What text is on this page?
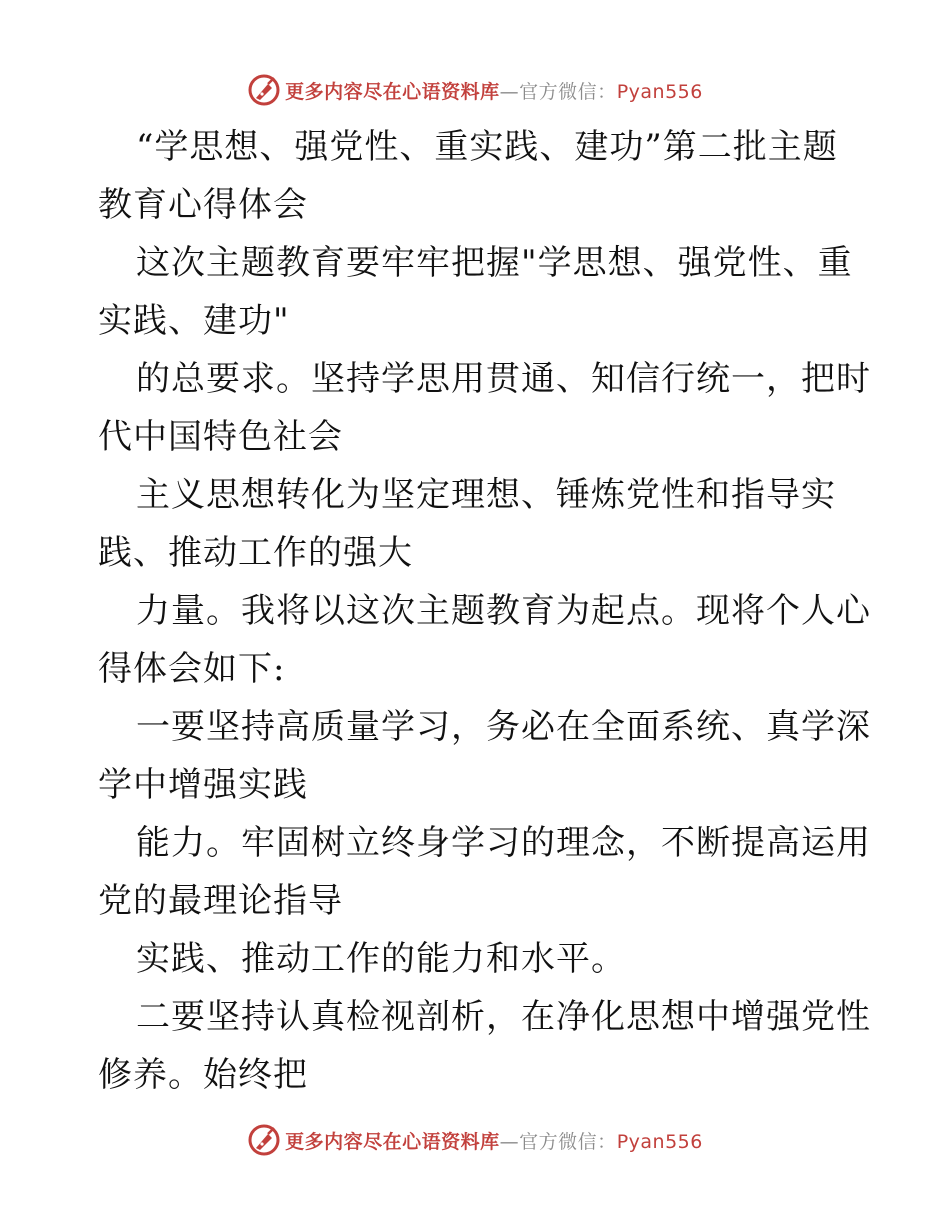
更多内容尽在心语资料库—官方微信：Pyan556
“学思想、强党性、重实践、建功”第二批主题
教育心得体会
这次主题教育要牢牢把握"学思想、强党性、重
实践、建功"
的总要求。坚持学思用贯通、知信行统一，把时
代中国特色社会
主义思想转化为坚定理想、锤炼党性和指导实
践、推动工作的强大
力量。我将以这次主题教育为起点。现将个人心
得体会如下:
一要坚持高质量学习，务必在全面系统、真学深
学中增强实践
能力。牢固树立终身学习的理念，不断提高运用
党的最理论指导
实践、推动工作的能力和水平。
二要坚持认真检视剖析，在净化思想中增强党性
修养。始终把
更多内容尽在心语资料库—官方微信：Pyan556
